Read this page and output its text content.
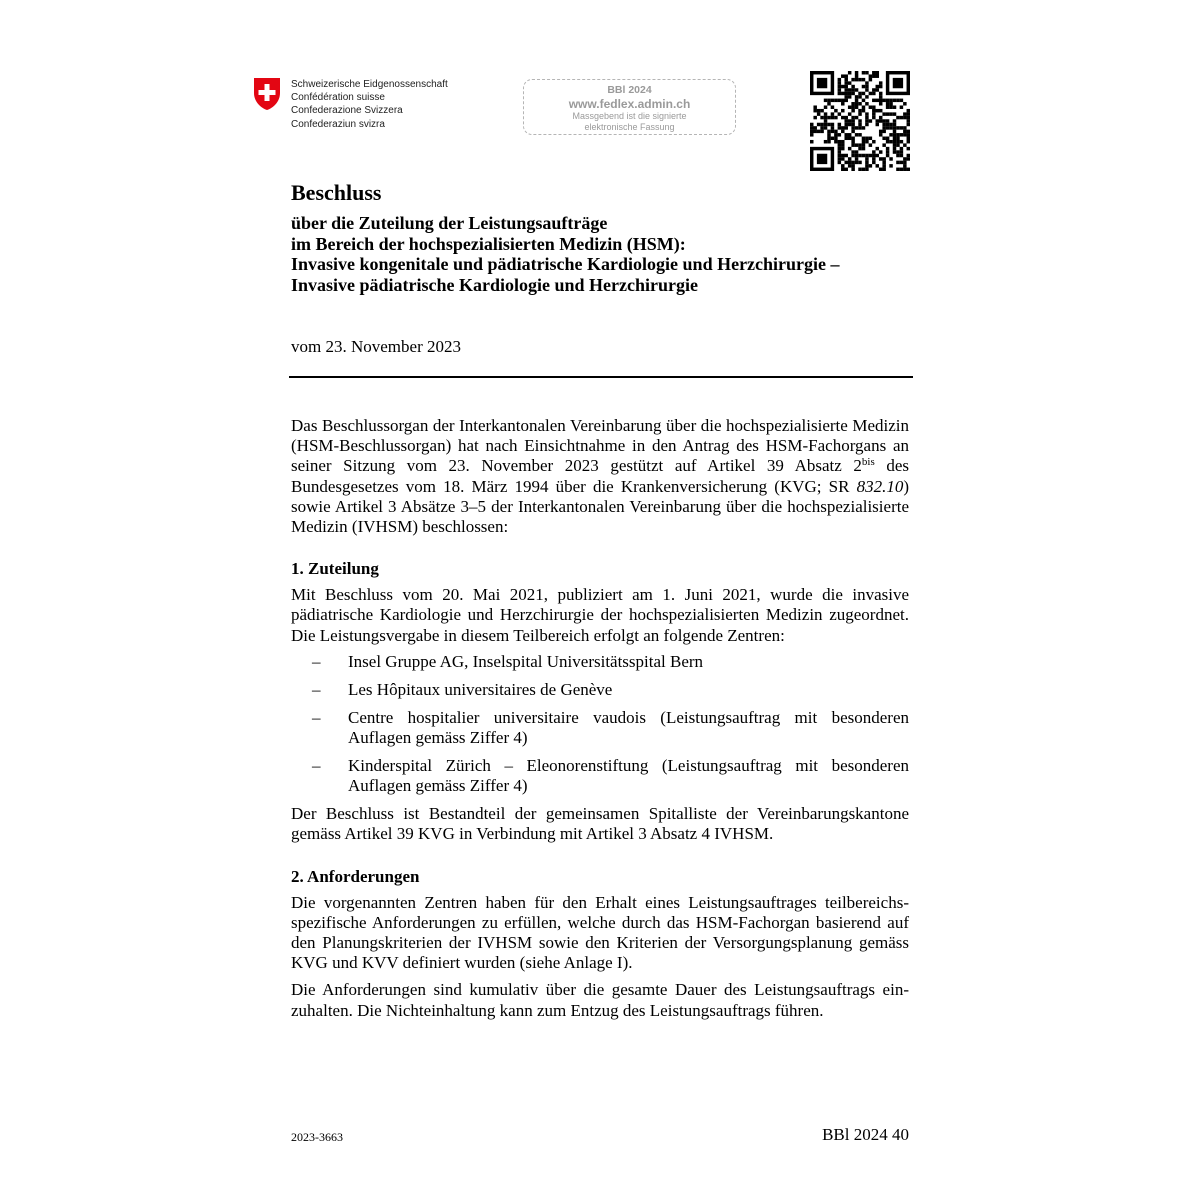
Schweizerische Eidgenossenschaft
Confédération suisse
Confederazione Svizzera
Confederaziun svizra
BBl 2024
www.fedlex.admin.ch
Massgebend ist die signierte
elektronische Fassung
Beschluss
über die Zuteilung der Leistungsaufträge
im Bereich der hochspezialisierten Medizin (HSM):
Invasive kongenitale und pädiatrische Kardiologie und Herzchirurgie –
Invasive pädiatrische Kardiologie und Herzchirurgie
vom 23. November 2023

Das Beschlussorgan der Interkantonalen Vereinbarung über die hochspezialisierte Medizin (HSM-Beschlussorgan) hat nach Einsichtnahme in den Antrag des HSM-Fachorgans an seiner Sitzung vom 23. November 2023 gestützt auf Artikel 39 Absatz $2^{bis}$ des Bundesgesetzes vom 18. März 1994 über die Krankenversicherung (KVG; SR 832.10) sowie Artikel 3 Absätze 3–5 der Interkantonalen Vereinbarung über die hochspezialisierte Medizin (IVHSM) beschlossen:

1. Zuteilung

Mit Beschluss vom 20. Mai 2021, publiziert am 1. Juni 2021, wurde die invasive pädiatrische Kardiologie und Herzchirurgie der hochspezialisierten Medizin zugeordnet. Die Leistungsvergabe in diesem Teilbereich erfolgt an folgende Zentren:

– Insel Gruppe AG, Inselspital Universitätsspital Bern
– Les Hôpitaux universitaires de Genève
– Centre hospitalier universitaire vaudois (Leistungsauftrag mit besonderen Auflagen gemäss Ziffer 4)
– Kinderspital Zürich – Eleonorenstiftung (Leistungsauftrag mit besonderen Auflagen gemäss Ziffer 4)

Der Beschluss ist Bestandteil der gemeinsamen Spitalliste der Vereinbarungskantone gemäss Artikel 39 KVG in Verbindung mit Artikel 3 Absatz 4 IVHSM.

2. Anforderungen

Die vorgenannten Zentren haben für den Erhalt eines Leistungsauftrages teilbereichsspezifische Anforderungen zu erfüllen, welche durch das HSM-Fachorgan basierend auf den Planungskriterien der IVHSM sowie den Kriterien der Versorgungsplanung gemäss KVG und KVV definiert wurden (siehe Anlage I).

Die Anforderungen sind kumulativ über die gesamte Dauer des Leistungsauftrags einzuhalten. Die Nichteinhaltung kann zum Entzug des Leistungsauftrags führen.

2023-3663	BBl 2024 40
